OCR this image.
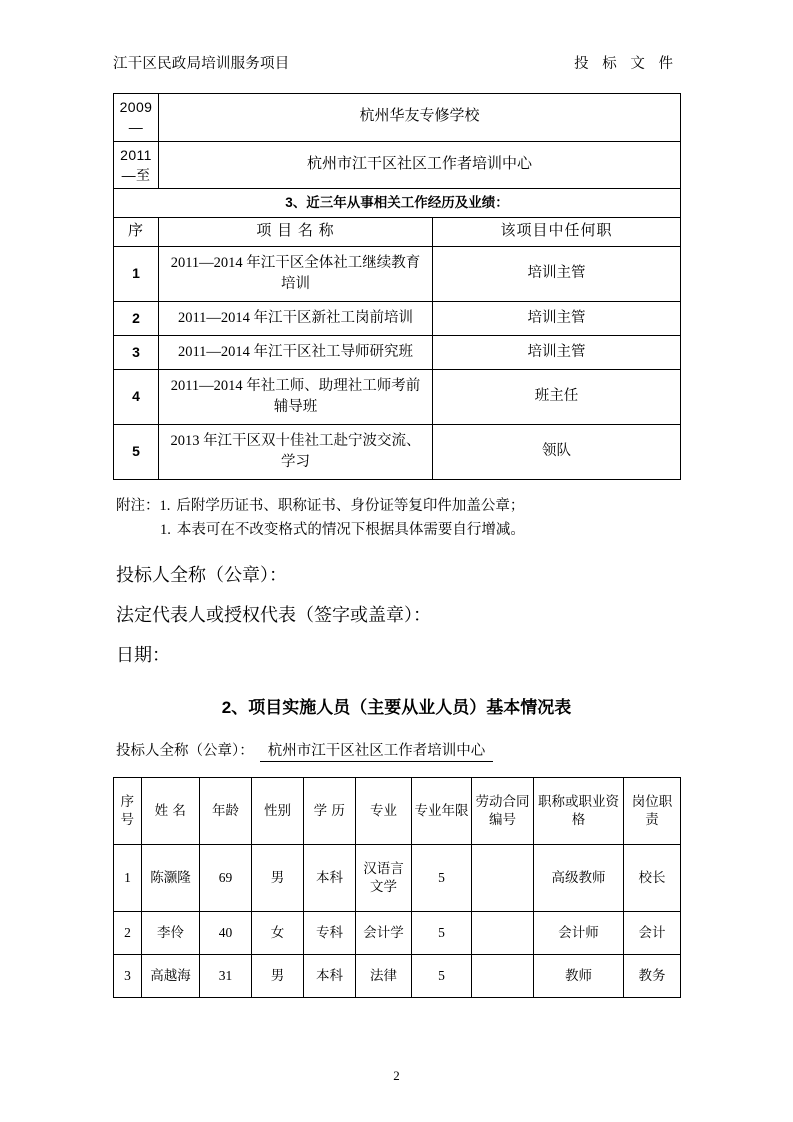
江干区民政局培训服务项目	投 标 文 件
2009—	杭州华友专修学校	
2011—至	杭州市江干区社区工作者培训中心	
3、近三年从事相关工作经历及业绩：		
序	项 目 名 称	该项目中任何职
1	2011—2014 年江干区全体社工继续教育培训	培训主管
2	2011—2014 年江干区新社工岗前培训	培训主管
3	2011—2014 年江干区社工导师研究班	培训主管
4	2011—2014 年社工师、助理社工师考前辅导班	班主任
5	2013 年江干区双十佳社工赴宁波交流、学习	领队
附注：1. 后附学历证书、职称证书、身份证等复印件加盖公章；
1. 本表可在不改变格式的情况下根据具体需要自行增减。
投标人全称（公章）：
法定代表人或授权代表（签字或盖章）：
日期：
2、项目实施人员（主要从业人员）基本情况表
投标人全称（公章）： 杭州市江干区社区工作者培训中心
序号	姓 名	年龄	性别	学 历	专业	专业年限	劳动合同编号	职称或职业资格	岗位职责
1	陈灏隆	69	男	本科	汉语言文学	5		高级教师	校长
2	李伶	40	女	专科	会计学	5		会计师	会计
3	高越海	31	男	本科	法律	5		教师	教务
2
